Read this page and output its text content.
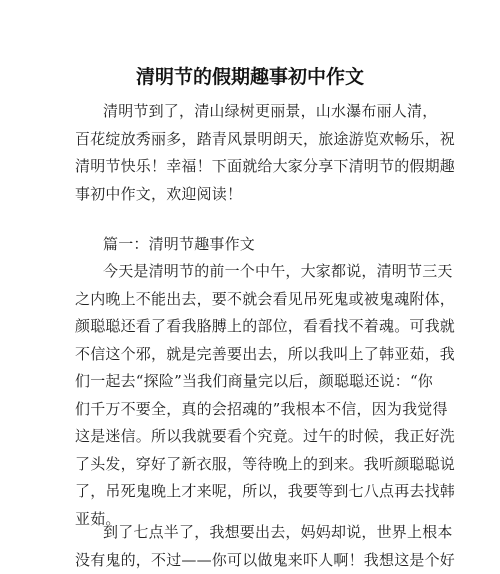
清明节的假期趣事初中作文
清明节到了，清山绿树更丽景，山水瀑布丽人清，
百花绽放秀丽多，踏青风景明朗天，旅途游览欢畅乐，祝
清明节快乐！幸福！下面就给大家分享下清明节的假期趣
事初中作文，欢迎阅读！
篇一：清明节趣事作文
今天是清明节的前一个中午，大家都说，清明节三天
之内晚上不能出去，要不就会看见吊死鬼或被鬼魂附体，
颜聪聪还看了看我胳膊上的部位，看看找不着魂。可我就
不信这个邪，就是完善要出去，所以我叫上了韩亚茹，我
们一起去“探险”当我们商量完以后，颜聪聪还说：“你
们千万不要全，真的会招魂的”我根本不信，因为我觉得
这是迷信。所以我就要看个究竟。过午的时候，我正好洗
了头发，穿好了新衣服，等待晚上的到来。我听颜聪聪说
了，吊死鬼晚上才来呢，所以，我要等到七八点再去找韩
亚茹。
到了七点半了，我想要出去，妈妈却说，世界上根本
没有鬼的，不过——你可以做鬼来吓人啊！我想这是个好
